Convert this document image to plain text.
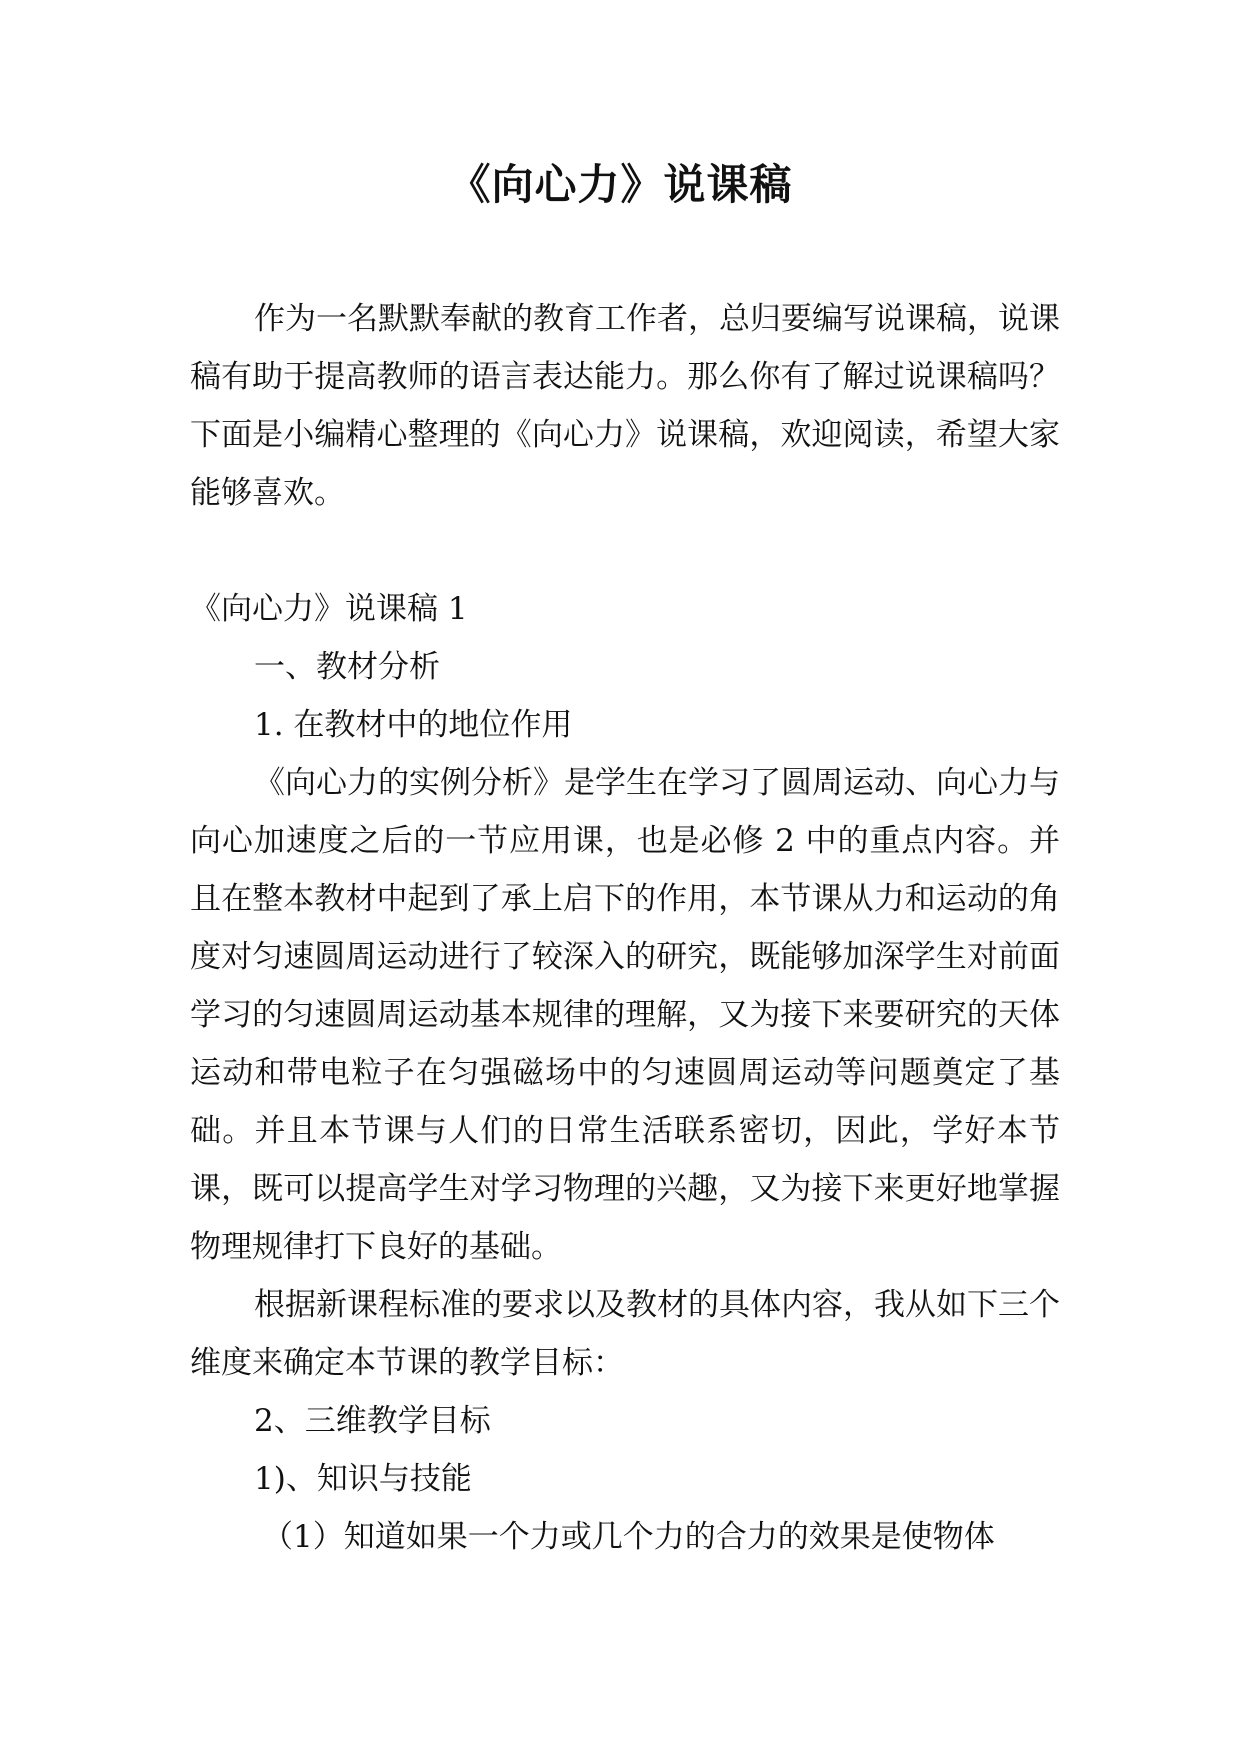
《向心力》说课稿

作为一名默默奉献的教育工作者，总归要编写说课稿，说课稿有助于提高教师的语言表达能力。那么你有了解过说课稿吗？下面是小编精心整理的《向心力》说课稿，欢迎阅读，希望大家能够喜欢。

《向心力》说课稿 1

一、教材分析

1. 在教材中的地位作用

《向心力的实例分析》是学生在学习了圆周运动、向心力与向心加速度之后的一节应用课，也是必修 2 中的重点内容。并且在整本教材中起到了承上启下的作用，本节课从力和运动的角度对匀速圆周运动进行了较深入的研究，既能够加深学生对前面学习的匀速圆周运动基本规律的理解，又为接下来要研究的天体运动和带电粒子在匀强磁场中的匀速圆周运动等问题奠定了基础。并且本节课与人们的日常生活联系密切，因此，学好本节课，既可以提高学生对学习物理的兴趣，又为接下来更好地掌握物理规律打下良好的基础。

根据新课程标准的要求以及教材的具体内容，我从如下三个维度来确定本节课的教学目标：

2、三维教学目标

1)、知识与技能

（1）知道如果一个力或几个力的合力的效果是使物体
